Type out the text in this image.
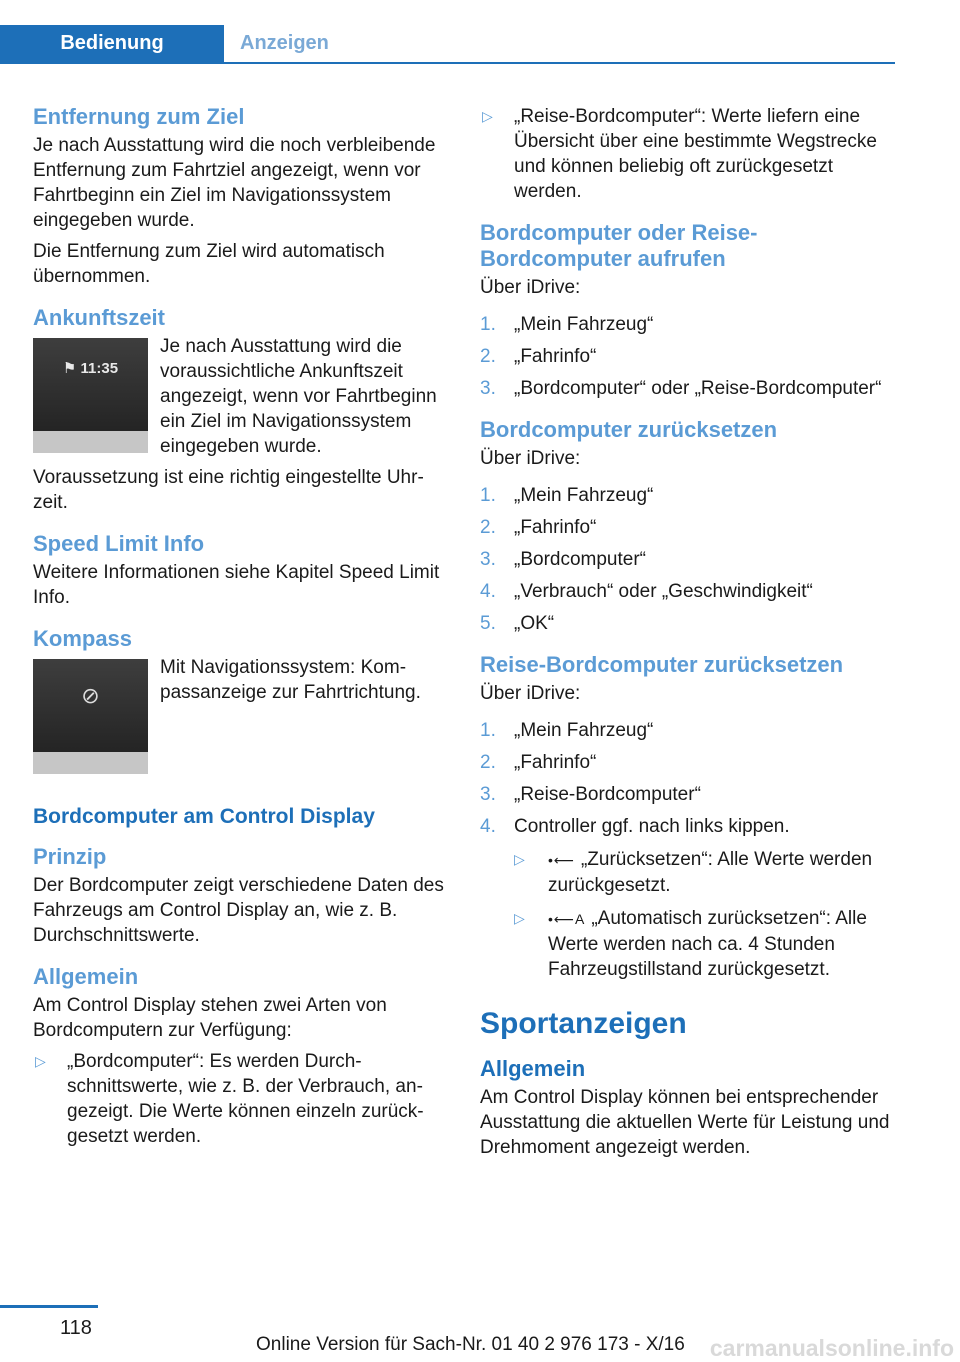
Bedienung	Anzeigen
Entfernung zum Ziel

Je nach Ausstattung wird die noch verbleibende Entfernung zum Fahrtziel angezeigt, wenn vor Fahrtbeginn ein Ziel im Navigationssystem eingegeben wurde.

Die Entfernung zum Ziel wird automatisch übernommen.

Ankunftszeit
⚑ 11:35

Je nach Ausstattung wird die voraussichtliche Ankunftszeit angezeigt, wenn vor Fahrtbeginn ein Ziel im Navigationssystem eingegeben wurde.

Voraussetzung ist eine richtig eingestellte Uhrzeit.

Speed Limit Info

Weitere Informationen siehe Kapitel Speed Limit Info.

Kompass
⊘

Mit Navigationssystem: Kompassanzeige zur Fahrtrichtung.

Bordcomputer am Control Display
Prinzip

Der Bordcomputer zeigt verschiedene Daten des Fahrzeugs am Control Display an, wie z. B. Durchschnittswerte.

Allgemein

Am Control Display stehen zwei Arten von Bordcomputern zur Verfügung:

▷ „Bordcomputer“: Es werden Durchschnittswerte, wie z. B. der Verbrauch, angezeigt. Die Werte können einzeln zurückgesetzt werden.
▷ „Reise-Bordcomputer“: Werte liefern eine Übersicht über eine bestimmte Wegstrecke und können beliebig oft zurückgesetzt werden.
Bordcomputer oder Reise-Bordcomputer aufrufen

Über iDrive:

1. „Mein Fahrzeug“
2. „Fahrinfo“
3. „Bordcomputer“ oder „Reise-Bordcomputer“
Bordcomputer zurücksetzen

Über iDrive:

1. „Mein Fahrzeug“
2. „Fahrinfo“
3. „Bordcomputer“
4. „Verbrauch“ oder „Geschwindigkeit“
5. „OK“
Reise-Bordcomputer zurücksetzen

Über iDrive:

1. „Mein Fahrzeug“
2. „Fahrinfo“
3. „Reise-Bordcomputer“
4. Controller ggf. nach links kippen.
▷ •⟵ „Zurücksetzen“: Alle Werte werden zurückgesetzt.
▷ •⟵A „Automatisch zurücksetzen“: Alle Werte werden nach ca. 4 Stunden Fahrzeugstillstand zurückgesetzt.
Sportanzeigen
Allgemein

Am Control Display können bei entsprechender Ausstattung die aktuellen Werte für Leistung und Drehmoment angezeigt werden.

118
Online Version für Sach-Nr. 01 40 2 976 173 - X/16 carmanualsonline.info
